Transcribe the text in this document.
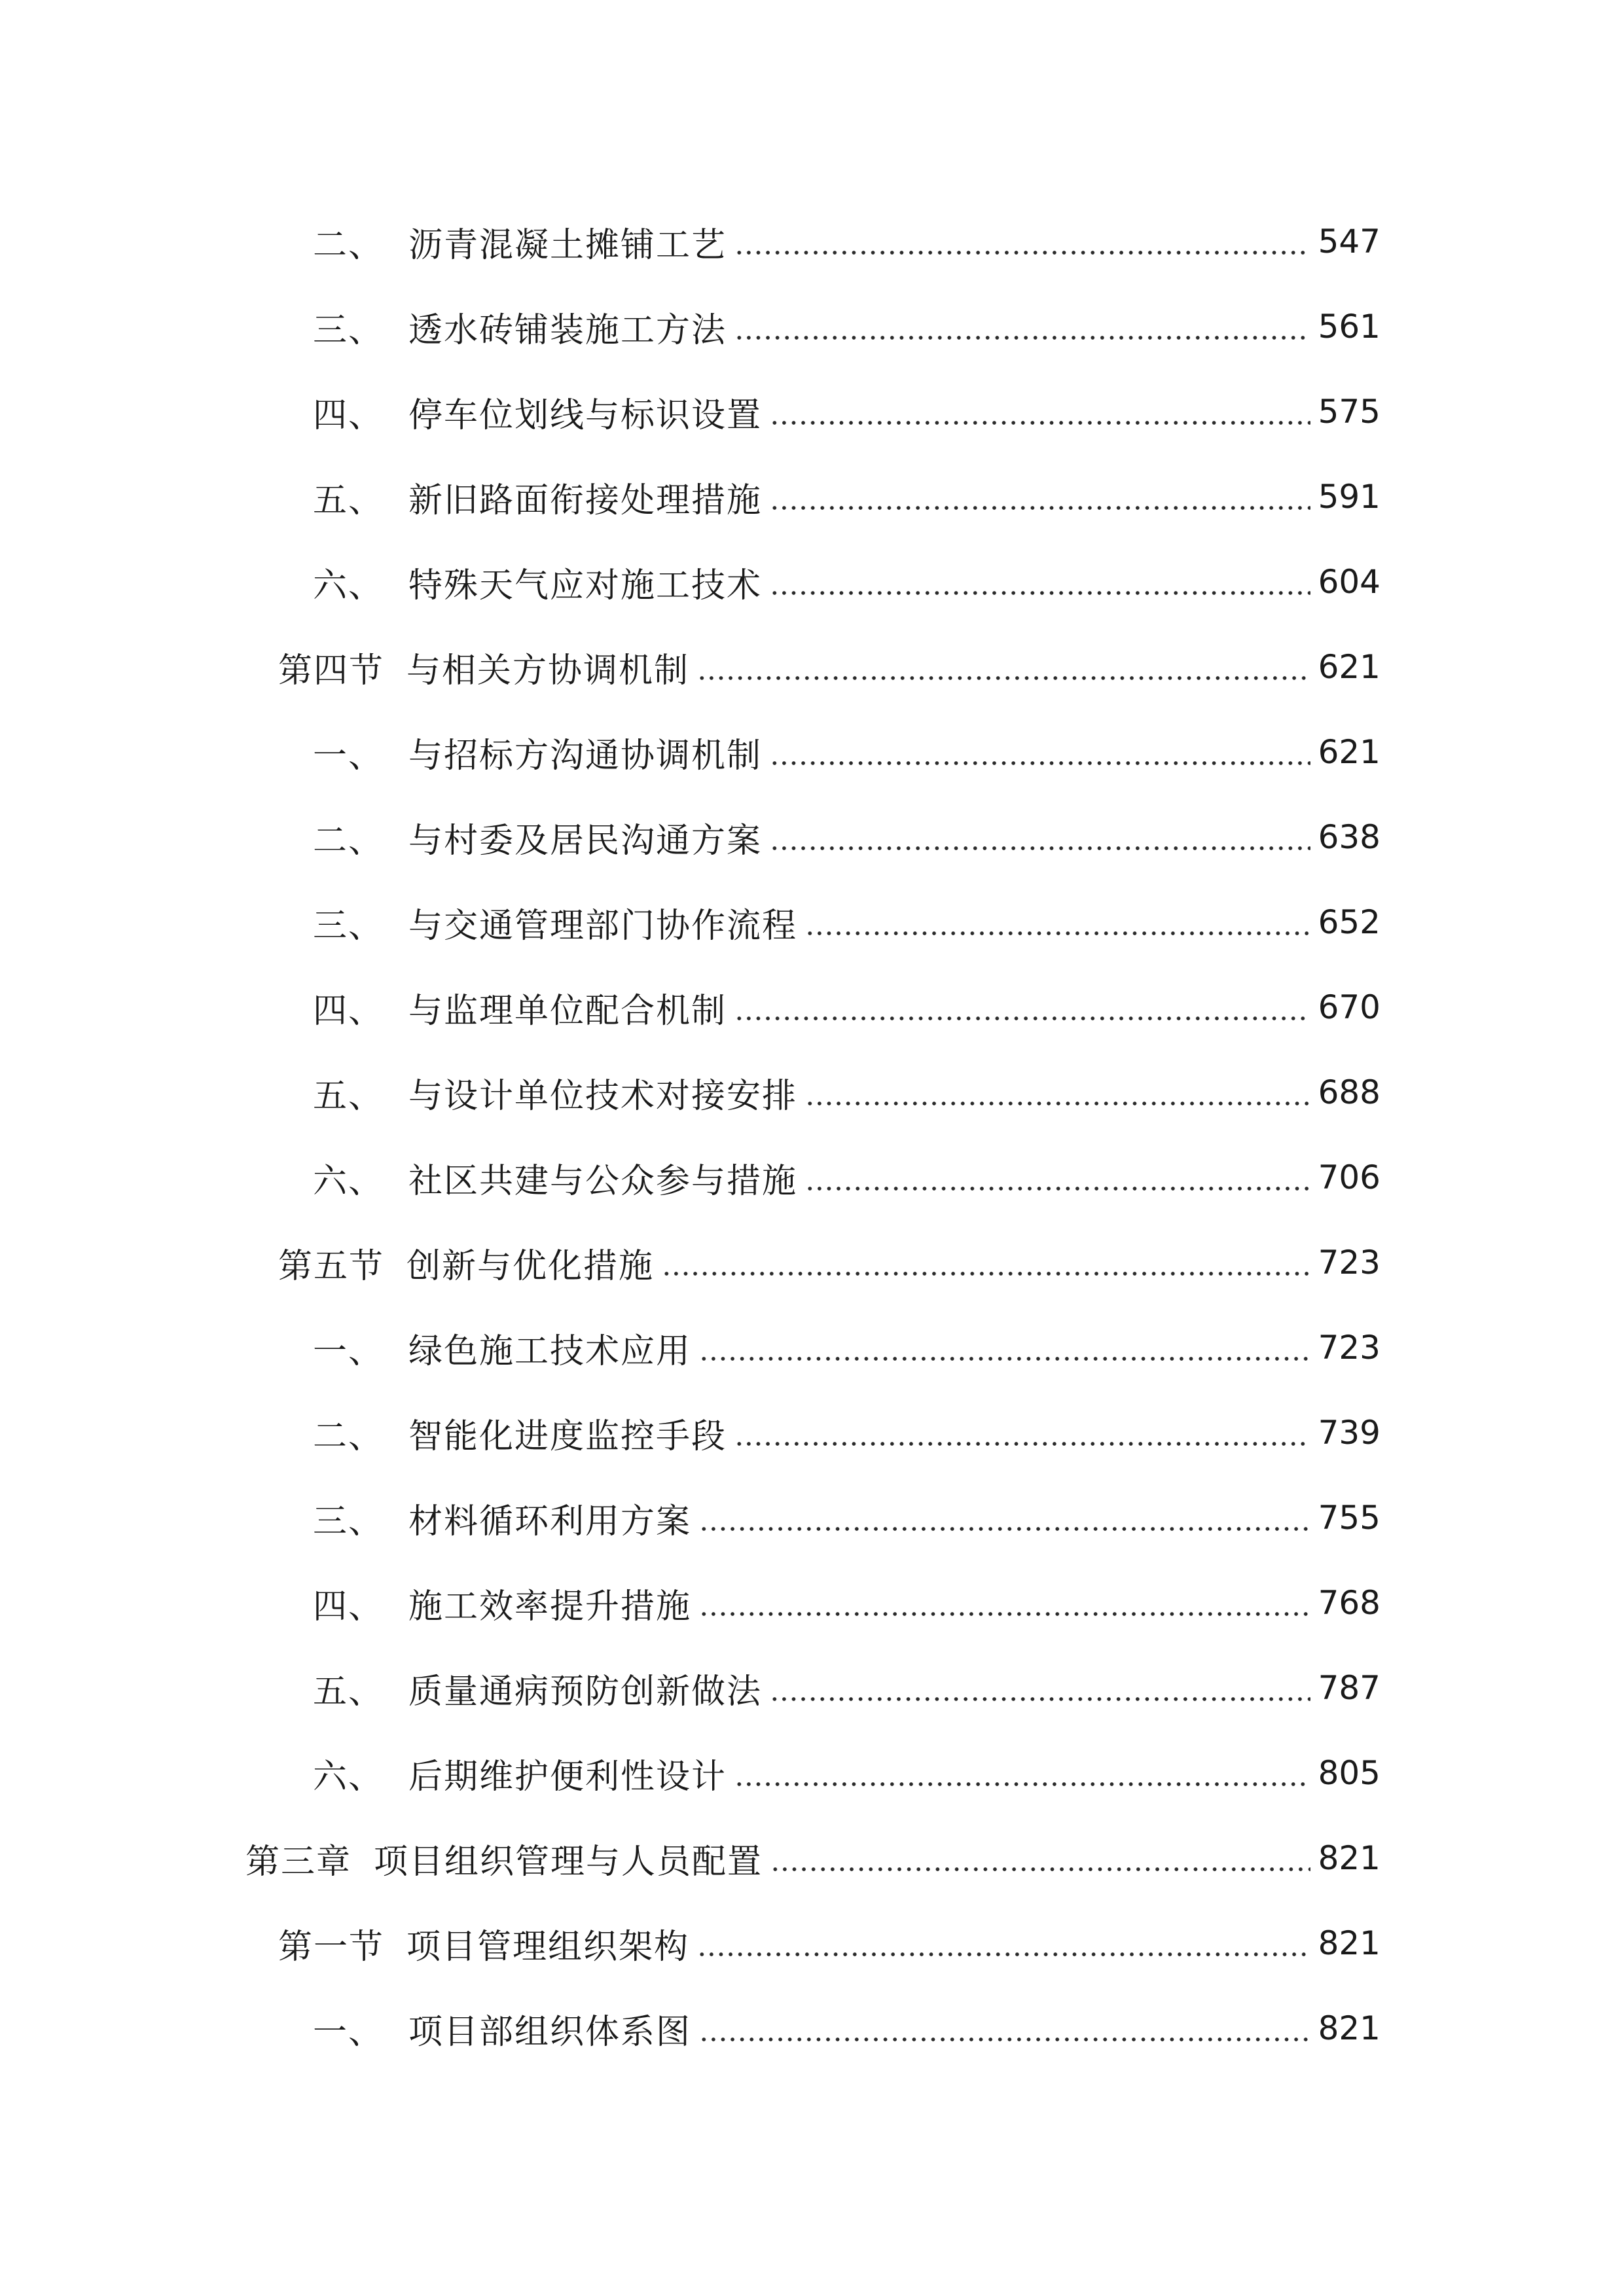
二、 沥青混凝土摊铺工艺	547
三、 透水砖铺装施工方法	561
四、 停车位划线与标识设置	575
五、 新旧路面衔接处理措施	591
六、 特殊天气应对施工技术	604
第四节 与相关方协调机制	621
一、 与招标方沟通协调机制	621
二、 与村委及居民沟通方案	638
三、 与交通管理部门协作流程	652
四、 与监理单位配合机制	670
五、 与设计单位技术对接安排	688
六、 社区共建与公众参与措施	706
第五节 创新与优化措施	723
一、 绿色施工技术应用	723
二、 智能化进度监控手段	739
三、 材料循环利用方案	755
四、 施工效率提升措施	768
五、 质量通病预防创新做法	787
六、 后期维护便利性设计	805
第三章 项目组织管理与人员配置	821
第一节 项目管理组织架构	821
一、 项目部组织体系图	821
